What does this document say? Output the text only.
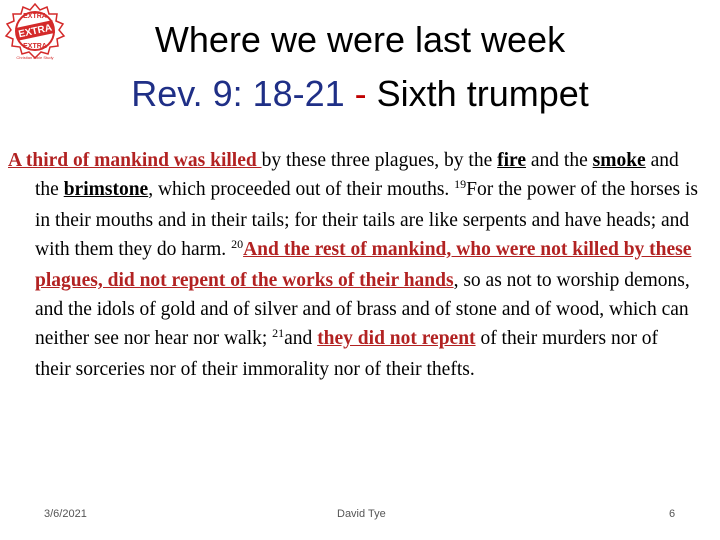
EXTRA
EXTRA
EXTRA
Christian Bible Study	Where we were last week
Rev. 9: 18-21 - Sixth trumpet

A third of mankind was killed by these three plagues, by the fire and the smoke and the brimstone, which proceeded out of their mouths. $^{19}$For the power of the horses is in their mouths and in their tails; for their tails are like serpents and have heads; and with them they do harm. $^{20}$And the rest of mankind, who were not killed by these plagues, did not repent of the works of their hands, so as not to worship demons, and the idols of gold and of silver and of brass and of stone and of wood, which can neither see nor hear nor walk; $^{21}$and they did not repent of their murders nor of their sorceries nor of their immorality nor of their thefts.

3/6/2021	David Tye	6
